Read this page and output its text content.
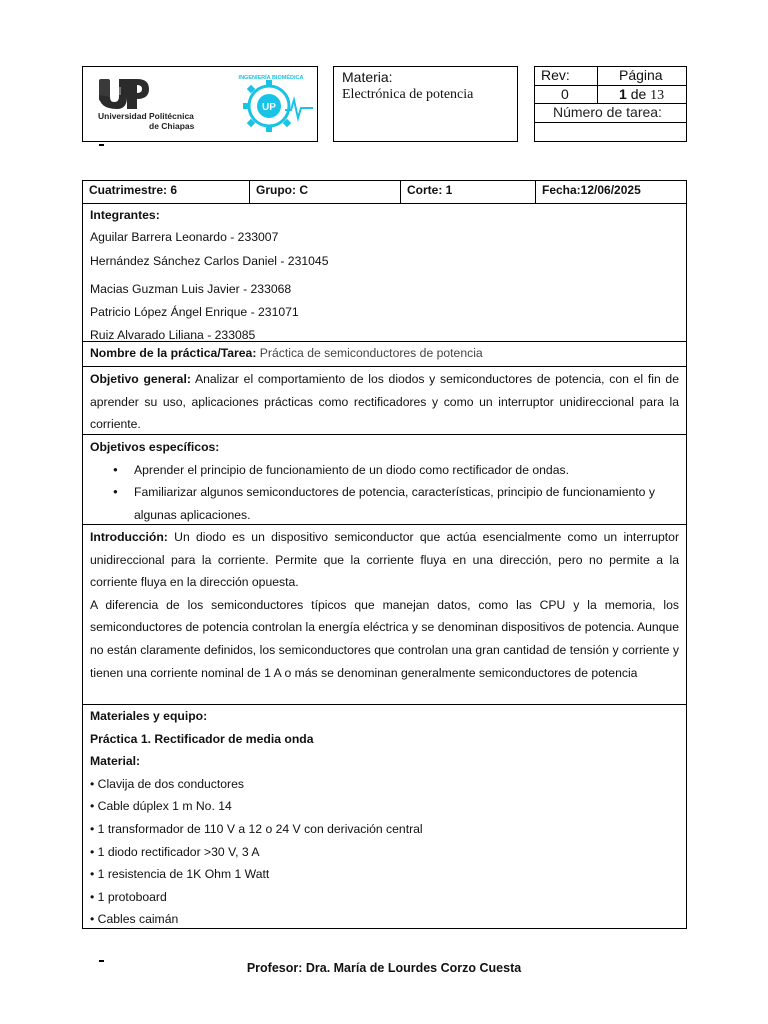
Universidad Politécnica
de Chiapas
UP
INGENIERÍA BIOMÉDICA	Materia:
Electrónica de potencia
Rev:	Página
0	1 de 13
Número de tarea:
Cuatrimestre: 6	Grupo: C	Corte: 1	Fecha:12/06/2025
Integrantes:
Aguilar Barrera Leonardo - 233007
Hernández Sánchez Carlos Daniel - 231045
Macias Guzman Luis Javier - 233068
Patricio López Ángel Enrique - 231071
Ruiz Alvarado Liliana - 233085
Nombre de la práctica/Tarea: Práctica de semiconductores de potencia
Objetivo general: Analizar el comportamiento de los diodos y semiconductores de potencia, con el fin de aprender su uso, aplicaciones prácticas como rectificadores y como un interruptor unidireccional para la corriente.
Objetivos específicos:
● Aprender el principio de funcionamiento de un diodo como rectificador de ondas.
● Familiarizar algunos semiconductores de potencia, características, principio de funcionamiento y algunas aplicaciones.
Introducción: Un diodo es un dispositivo semiconductor que actúa esencialmente como un interruptor unidireccional para la corriente. Permite que la corriente fluya en una dirección, pero no permite a la corriente fluya en la dirección opuesta.
A diferencia de los semiconductores típicos que manejan datos, como las CPU y la memoria, los semiconductores de potencia controlan la energía eléctrica y se denominan dispositivos de potencia. Aunque no están claramente definidos, los semiconductores que controlan una gran cantidad de tensión y corriente y tienen una corriente nominal de 1 A o más se denominan generalmente semiconductores de potencia
Materiales y equipo:
Práctica 1. Rectificador de media onda
Material:
• Clavija de dos conductores
• Cable dúplex 1 m No. 14
• 1 transformador de 110 V a 12 o 24 V con derivación central
• 1 diodo rectificador >30 V, 3 A
• 1 resistencia de 1K Ohm 1 Watt
• 1 protoboard
• Cables caimán
Profesor: Dra. María de Lourdes Corzo Cuesta
